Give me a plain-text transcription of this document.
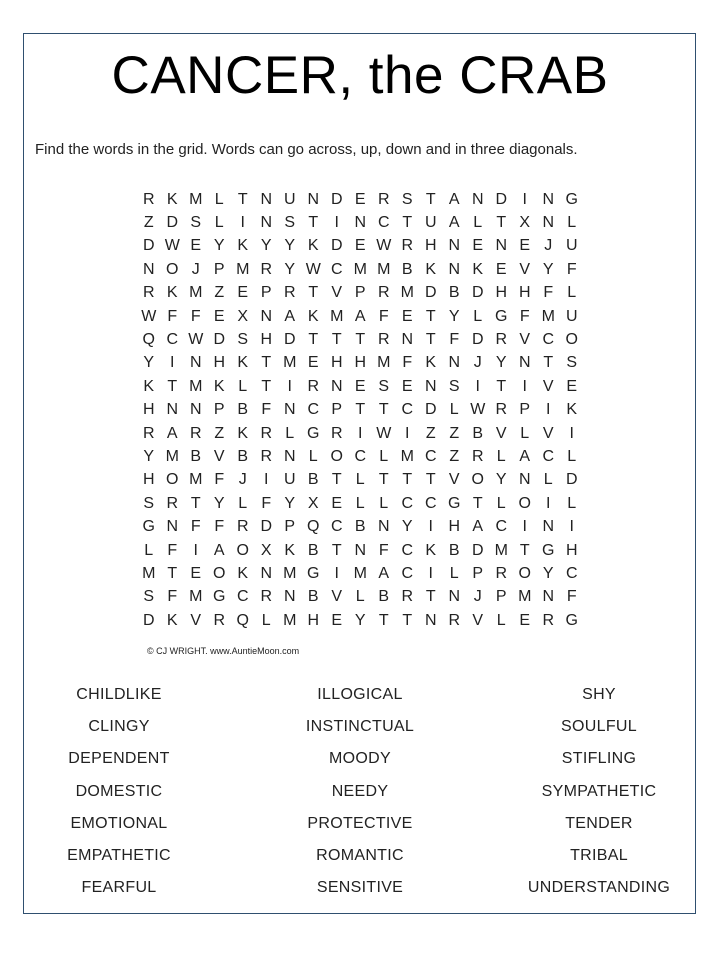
CANCER, the CRAB
Find the words in the grid. Words can go across, up, down and in three diagonals.
R K M L T N U N D E R S T A N D I N G
Z D S L	I N S T	I N C T U A L T X N L
D W E Y K Y Y K D E W R H N E N E J U
N O J P M R Y W C M M B K N K E V Y F
R K M Z E P R T V P R M D B D H H F L
W F F E X N A K M A F E T Y L G F M U
Q C W D S H D T T T R N T F D R V C O
Y I N H K T M E H H M F K N J Y N T S
K T M K L T	I R N E S E N S I	T	I V E
H N N P B F N C P T T C D L W R P I K
R A R Z K R L G R I W I	Z Z B V L V I
Y M B V B R N L O C L M C Z R L A C L
H O M F J	I U B T L T T T V O Y N L D
S R T Y L F Y X E L L C C G T L O I	L
G N F F R D P Q C B N Y I H A C I N I
L F	I A O X K B T N F C K B D M T G H
M T E O K N M G I M A C I	L P R O Y C
S F M G C R N B V L B R T N J P M N F
D K V R Q L M H E Y T T N R V L E R G
© CJ WRIGHT. www.AuntieMoon.com
CHILDLIKE
CLINGY
DEPENDENT
DOMESTIC
EMOTIONAL
EMPATHETIC
FEARFUL
ILLOGICAL
INSTINCTUAL
MOODY
NEEDY
PROTECTIVE
ROMANTIC
SENSITIVE
SHY
SOULFUL
STIFLING
SYMPATHETIC
TENDER
TRIBAL
UNDERSTANDING
